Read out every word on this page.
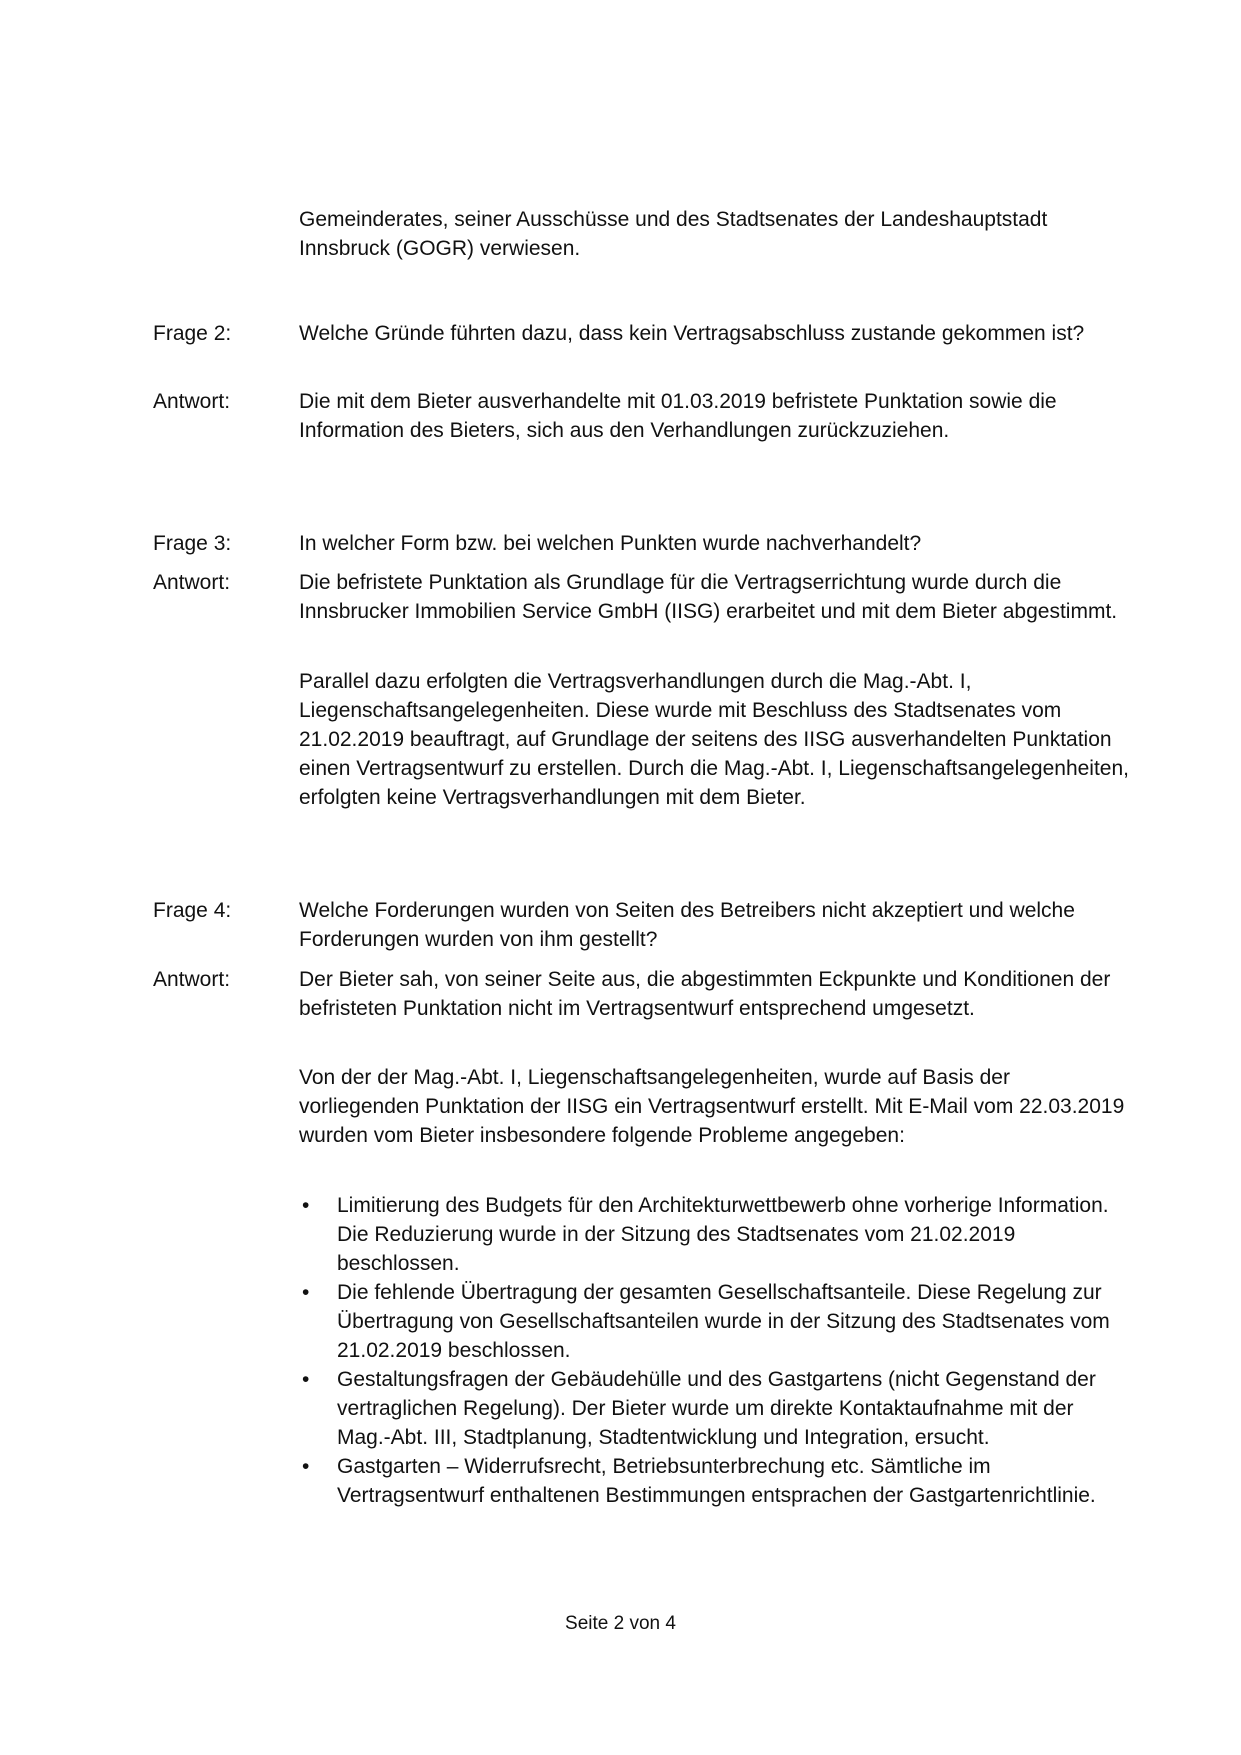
Gemeinderates, seiner Ausschüsse und des Stadtsenates der Landeshauptstadt Innsbruck (GOGR) verwiesen.

Frage 2:	Welche Gründe führten dazu, dass kein Vertragsabschluss zustande gekommen ist?

Antwort:	Die mit dem Bieter ausverhandelte mit 01.03.2019 befristete Punktation sowie die Information des Bieters, sich aus den Verhandlungen zurückzuziehen.

Frage 3:	In welcher Form bzw. bei welchen Punkten wurde nachverhandelt?

Antwort:	Die befristete Punktation als Grundlage für die Vertragserrichtung wurde durch die Innsbrucker Immobilien Service GmbH (IISG) erarbeitet und mit dem Bieter abgestimmt.

Parallel dazu erfolgten die Vertragsverhandlungen durch die Mag.-Abt. I, Liegenschaftsangelegenheiten. Diese wurde mit Beschluss des Stadtsenates vom 21.02.2019 beauftragt, auf Grundlage der seitens des IISG ausverhandelten Punktation einen Vertragsentwurf zu erstellen. Durch die Mag.-Abt. I, Liegenschaftsangelegenheiten, erfolgten keine Vertragsverhandlungen mit dem Bieter.

Frage 4:	Welche Forderungen wurden von Seiten des Betreibers nicht akzeptiert und welche Forderungen wurden von ihm gestellt?

Antwort:	Der Bieter sah, von seiner Seite aus, die abgestimmten Eckpunkte und Konditionen der befristeten Punktation nicht im Vertragsentwurf entsprechend umgesetzt.

Von der der Mag.-Abt. I, Liegenschaftsangelegenheiten, wurde auf Basis der vorliegenden Punktation der IISG ein Vertragsentwurf erstellt. Mit E-Mail vom 22.03.2019 wurden vom Bieter insbesondere folgende Probleme angegeben:

• Limitierung des Budgets für den Architekturwettbewerb ohne vorherige Information. Die Reduzierung wurde in der Sitzung des Stadtsenates vom 21.02.2019 beschlossen.
• Die fehlende Übertragung der gesamten Gesellschaftsanteile. Diese Regelung zur Übertragung von Gesellschaftsanteilen wurde in der Sitzung des Stadtsenates vom 21.02.2019 beschlossen.
• Gestaltungsfragen der Gebäudehülle und des Gastgartens (nicht Gegenstand der vertraglichen Regelung). Der Bieter wurde um direkte Kontaktaufnahme mit der Mag.-Abt. III, Stadtplanung, Stadtentwicklung und Integration, ersucht.
• Gastgarten – Widerrufsrecht, Betriebsunterbrechung etc. Sämtliche im Vertragsentwurf enthaltenen Bestimmungen entsprachen der Gastgartenrichtlinie.
Seite 2 von 4
